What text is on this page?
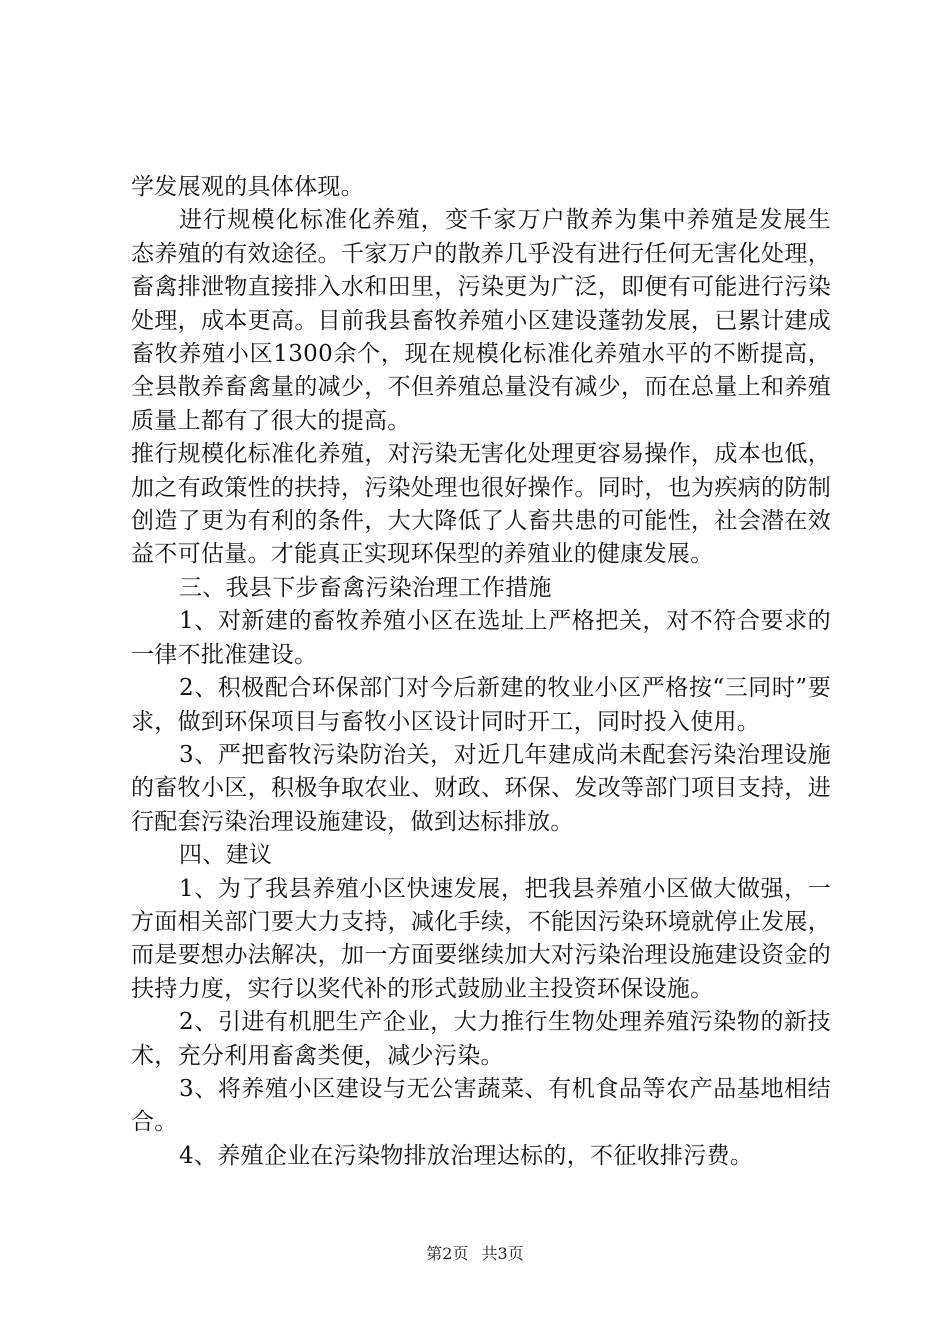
学发展观的具体体现。

进行规模化标准化养殖，变千家万户散养为集中养殖是发展生态养殖的有效途径。千家万户的散养几乎没有进行任何无害化处理，畜禽排泄物直接排入水和田里，污染更为广泛，即便有可能进行污染处理，成本更高。目前我县畜牧养殖小区建设蓬勃发展，已累计建成畜牧养殖小区1300余个，现在规模化标准化养殖水平的不断提高，全县散养畜禽量的减少，不但养殖总量没有减少，而在总量上和养殖质量上都有了很大的提高。

推行规模化标准化养殖，对污染无害化处理更容易操作，成本也低，加之有政策性的扶持，污染处理也很好操作。同时，也为疾病的防制创造了更为有利的条件，大大降低了人畜共患的可能性，社会潜在效益不可估量。才能真正实现环保型的养殖业的健康发展。

三、我县下步畜禽污染治理工作措施

1、对新建的畜牧养殖小区在选址上严格把关，对不符合要求的一律不批准建设。

2、积极配合环保部门对今后新建的牧业小区严格按“三同时”要求，做到环保项目与畜牧小区设计同时开工，同时投入使用。

3、严把畜牧污染防治关，对近几年建成尚未配套污染治理设施的畜牧小区，积极争取农业、财政、环保、发改等部门项目支持，进行配套污染治理设施建设，做到达标排放。

四、建议

1、为了我县养殖小区快速发展，把我县养殖小区做大做强，一方面相关部门要大力支持，减化手续，不能因污染环境就停止发展，而是要想办法解决，加一方面要继续加大对污染治理设施建设资金的扶持力度，实行以奖代补的形式鼓励业主投资环保设施。

2、引进有机肥生产企业，大力推行生物处理养殖污染物的新技术，充分利用畜禽类便，减少污染。

3、将养殖小区建设与无公害蔬菜、有机食品等农产品基地相结合。

4、养殖企业在污染物排放治理达标的，不征收排污费。

第2页 共3页
